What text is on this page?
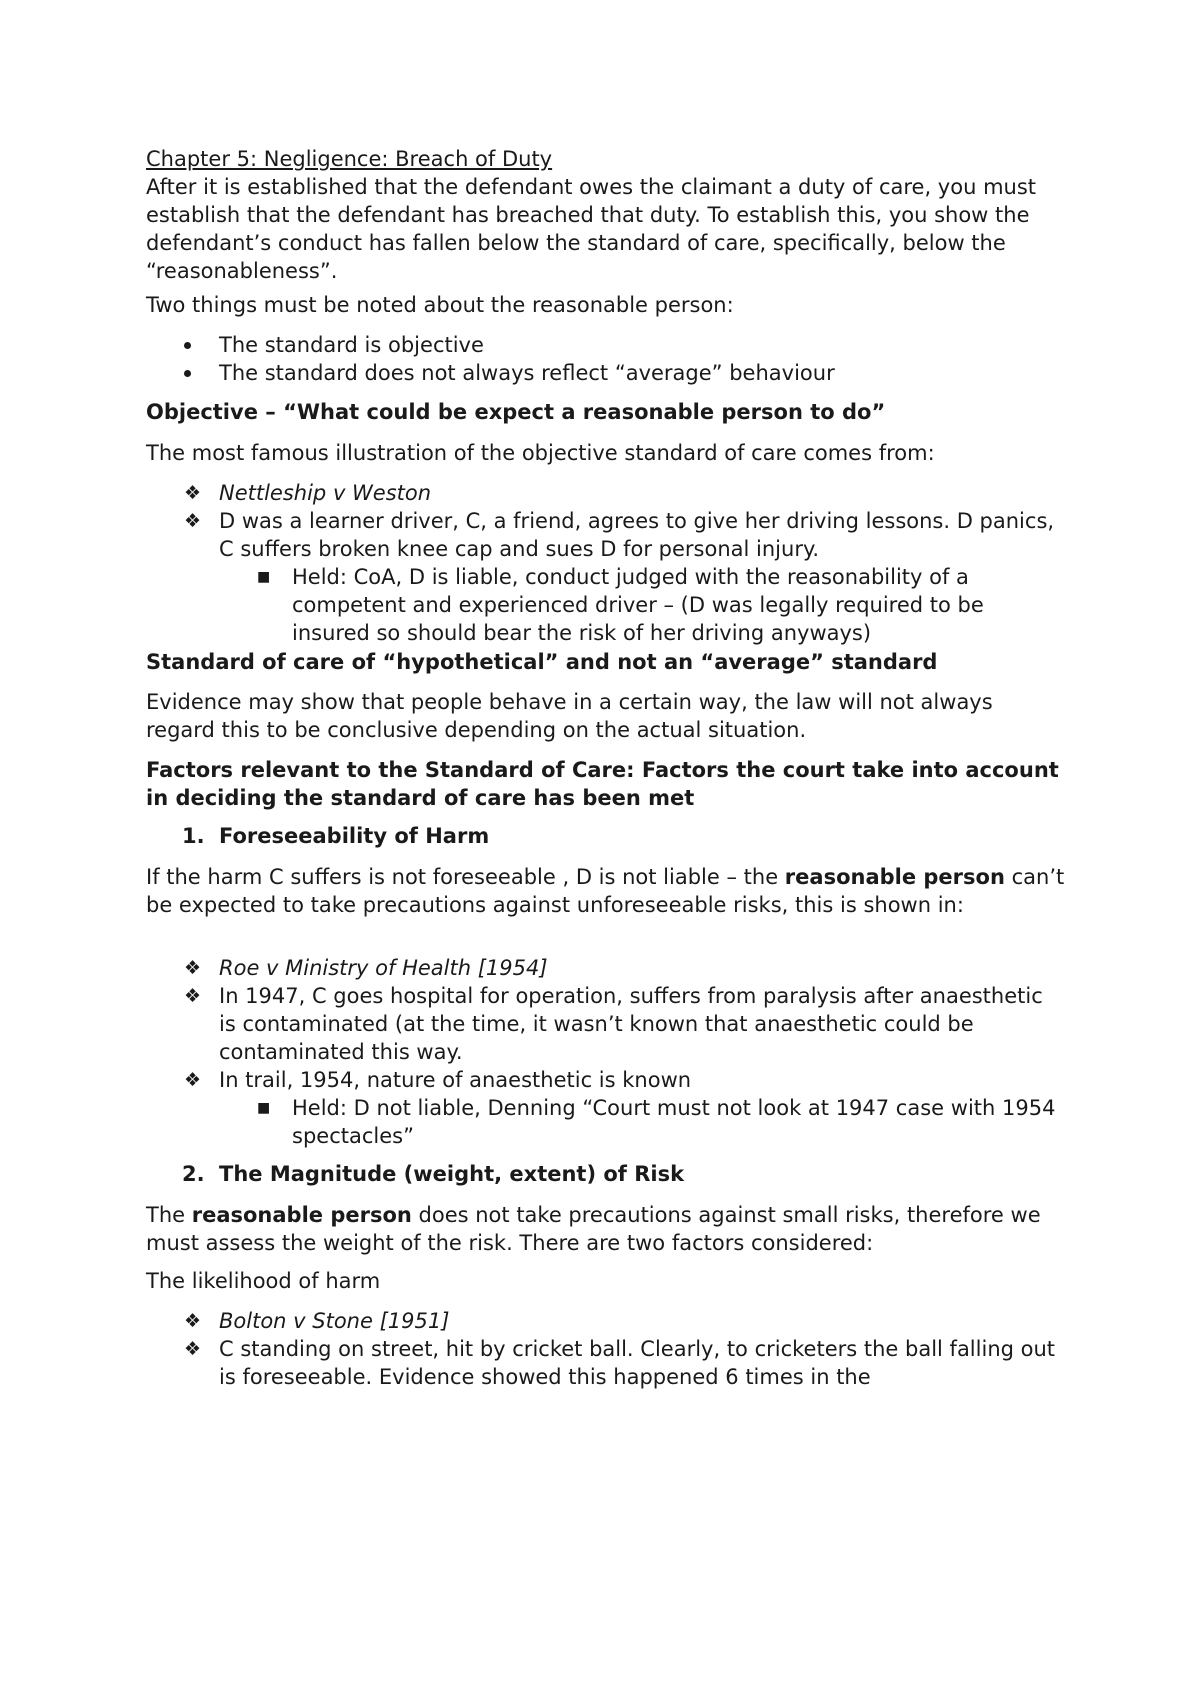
Chapter 5: Negligence: Breach of Duty

After it is established that the defendant owes the claimant a duty of care, you must establish that the defendant has breached that duty. To establish this, you show the defendant’s conduct has fallen below the standard of care, specifically, below the “reasonableness”.

Two things must be noted about the reasonable person:

The standard is objective
The standard does not always reflect “average” behaviour
Objective – “What could be expect a reasonable person to do”
The most famous illustration of the objective standard of care comes from:
❖ Nettleship v Weston
❖ D was a learner driver, C, a friend, agrees to give her driving lessons. D panics, C suffers broken knee cap and sues D for personal injury.
■	Held: CoA, D is liable, conduct judged with the reasonability of a competent and experienced driver – (D was legally required to be insured so should bear the risk of her driving anyways)
Standard of care of “hypothetical” and not an “average” standard
Evidence may show that people behave in a certain way, the law will not always regard this to be conclusive depending on the actual situation.
Factors relevant to the Standard of Care: Factors the court take into account in deciding the standard of care has been met
1. Foreseeability of Harm

If the harm C suffers is not foreseeable , D is not liable – the reasonable person can’t be expected to take precautions against unforeseeable risks, this is shown in:

❖ Roe v Ministry of Health [1954]
❖ In 1947, C goes hospital for operation, suffers from paralysis after anaesthetic is contaminated (at the time, it wasn’t known that anaesthetic could be contaminated this way.
❖ In trail, 1954, nature of anaesthetic is known
■	Held: D not liable, Denning “Court must not look at 1947 case with 1954 spectacles”
2. The Magnitude (weight, extent) of Risk

The reasonable person does not take precautions against small risks, therefore we must assess the weight of the risk. There are two factors considered:

The likelihood of harm
❖ Bolton v Stone [1951]
❖ C standing on street, hit by cricket ball. Clearly, to cricketers the ball falling out is foreseeable. Evidence showed this happened 6 times in the
